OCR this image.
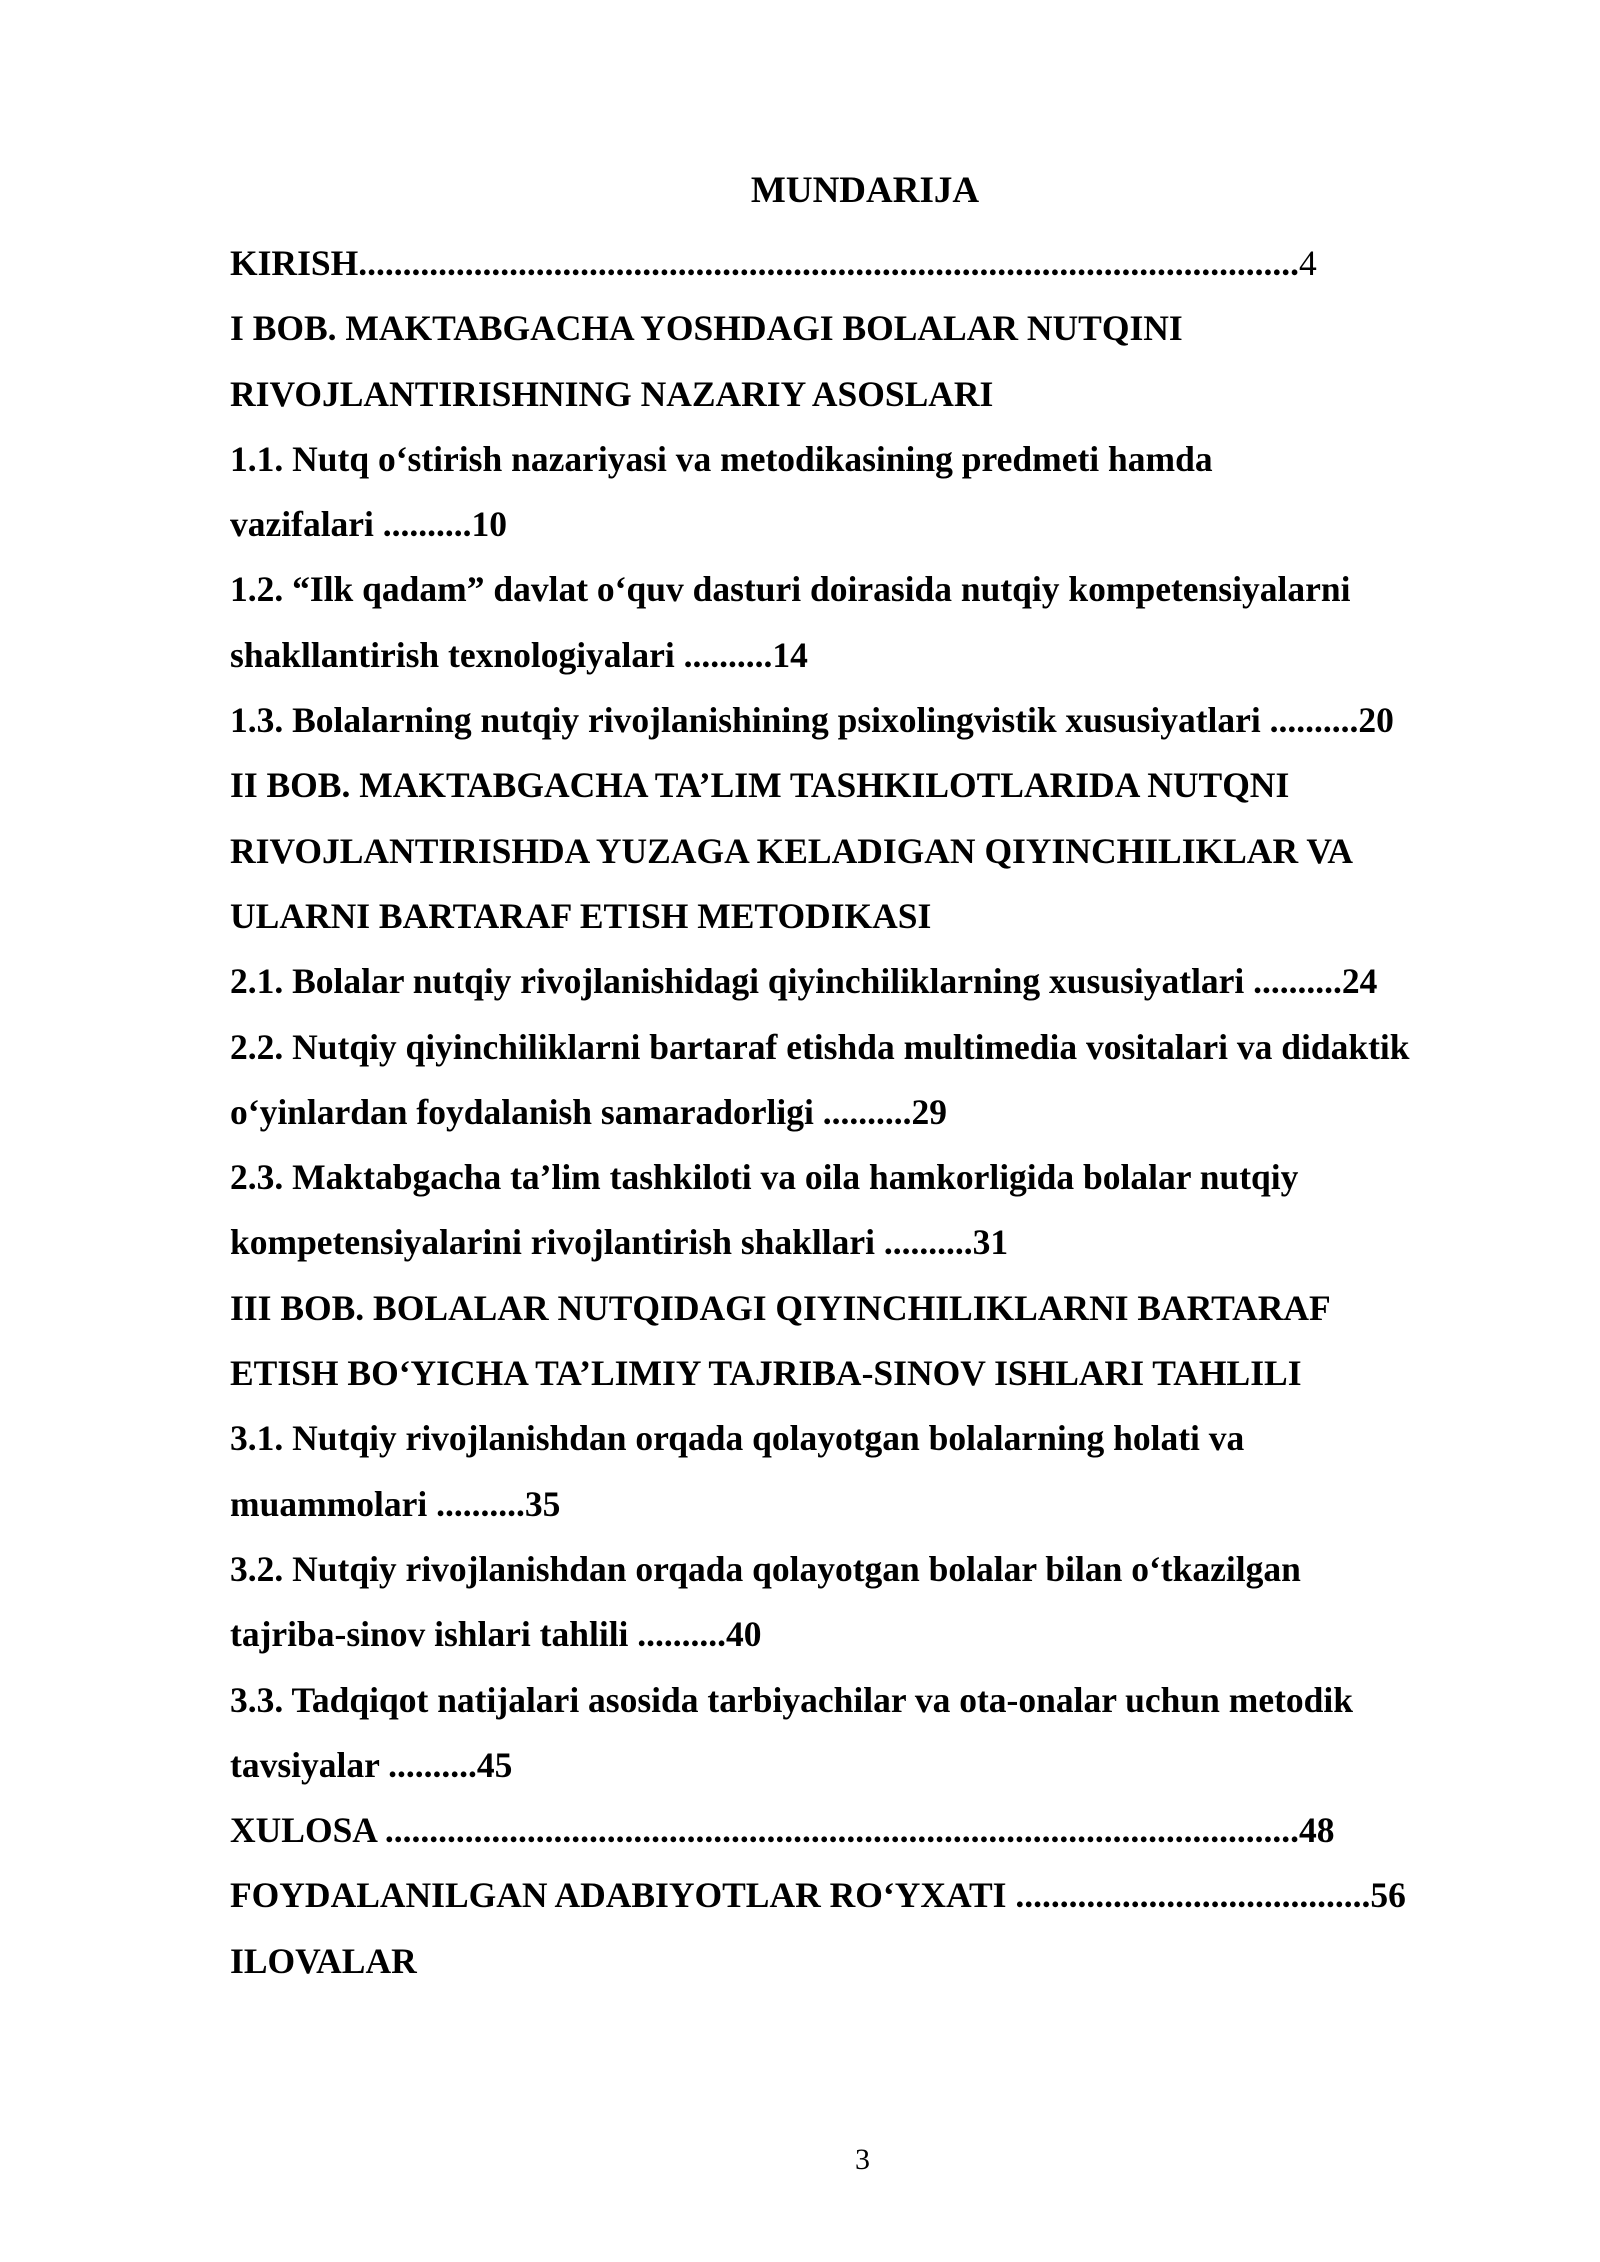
MUNDARIJA
KIRISH..........................................................................................................4
I BOB. MAKTABGACHA YOSHDAGI BOLALAR NUTQINI
RIVOJLANTIRISHNING NAZARIY ASOSLARI
1.1. Nutq o‘stirish nazariyasi va metodikasining predmeti hamda
vazifalari ..........10
1.2. “Ilk qadam” davlat o‘quv dasturi doirasida nutqiy kompetensiyalarni
shakllantirish texnologiyalari ..........14
1.3. Bolalarning nutqiy rivojlanishining psixolingvistik xususiyatlari ..........20
II BOB. MAKTABGACHA TA’LIM TASHKILOTLARIDA NUTQNI
RIVOJLANTIRISHDA YUZAGA KELADIGAN QIYINCHILIKLAR VA
ULARNI BARTARAF ETISH METODIKASI
2.1. Bolalar nutqiy rivojlanishidagi qiyinchiliklarning xususiyatlari ..........24
2.2. Nutqiy qiyinchiliklarni bartaraf etishda multimedia vositalari va didaktik
o‘yinlardan foydalanish samaradorligi ..........29
2.3. Maktabgacha ta’lim tashkiloti va oila hamkorligida bolalar nutqiy
kompetensiyalarini rivojlantirish shakllari ..........31
III BOB. BOLALAR NUTQIDAGI QIYINCHILIKLARNI BARTARAF
ETISH BO‘YICHA TA’LIMIY TAJRIBA-SINOV ISHLARI TAHLILI
3.1. Nutqiy rivojlanishdan orqada qolayotgan bolalarning holati va
muammolari ..........35
3.2. Nutqiy rivojlanishdan orqada qolayotgan bolalar bilan o‘tkazilgan
tajriba-sinov ishlari tahlili ..........40
3.3. Tadqiqot natijalari asosida tarbiyachilar va ota-onalar uchun metodik
tavsiyalar ..........45
XULOSA .......................................................................................................48
FOYDALANILGAN ADABIYOTLAR RO‘YXATI ........................................56
ILOVALAR
3
